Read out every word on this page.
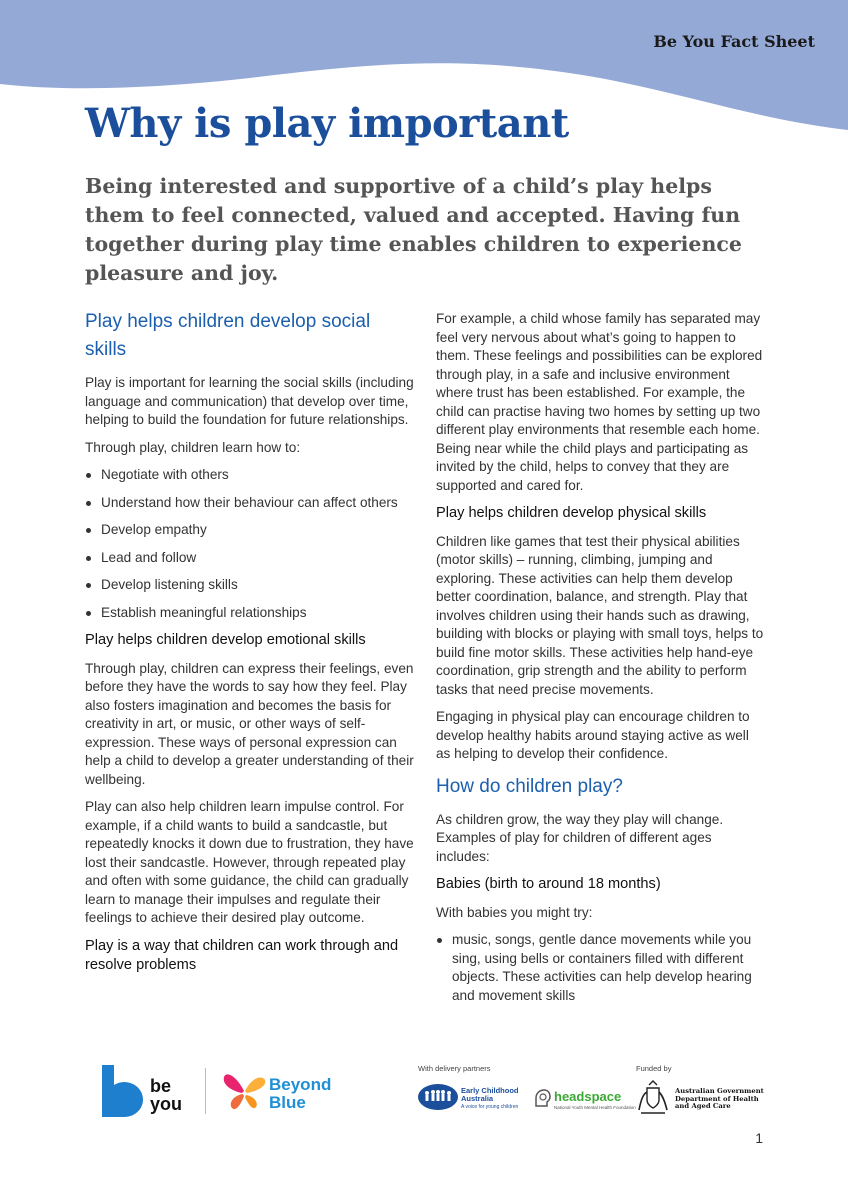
Be You Fact Sheet
Why is play important

Being interested and supportive of a child’s play helps them to feel connected, valued and accepted. Having fun together during play time enables children to experience pleasure and joy.

Play helps children develop social skills

Play is important for learning the social skills (including language and communication) that develop over time, helping to build the foundation for future relationships.

Through play, children learn how to:

Negotiate with others
Understand how their behaviour can affect others
Develop empathy
Lead and follow
Develop listening skills
Establish meaningful relationships
Play helps children develop emotional skills

Through play, children can express their feelings, even before they have the words to say how they feel. Play also fosters imagination and becomes the basis for creativity in art, or music, or other ways of self-expression. These ways of personal expression can help a child to develop a greater understanding of their wellbeing.

Play can also help children learn impulse control. For example, if a child wants to build a sandcastle, but repeatedly knocks it down due to frustration, they have lost their sandcastle. However, through repeated play and often with some guidance, the child can gradually learn to manage their impulses and regulate their feelings to achieve their desired play outcome.

Play is a way that children can work through and resolve problems

For example, a child whose family has separated may feel very nervous about what’s going to happen to them. These feelings and possibilities can be explored through play, in a safe and inclusive environment where trust has been established. For example, the child can practise having two homes by setting up two different play environments that resemble each home. Being near while the child plays and participating as invited by the child, helps to convey that they are supported and cared for.

Play helps children develop physical skills

Children like games that test their physical abilities (motor skills) – running, climbing, jumping and exploring. These activities can help them develop better coordination, balance, and strength. Play that involves children using their hands such as drawing, building with blocks or playing with small toys, helps to build fine motor skills. These activities help hand-eye coordination, grip strength and the ability to perform tasks that need precise movements.

Engaging in physical play can encourage children to develop healthy habits around staying active as well as helping to develop their confidence.

How do children play?

As children grow, the way they play will change. Examples of play for children of different ages includes:

Babies (birth to around 18 months)

With babies you might try:

music, songs, gentle dance movements while you sing, using bells or containers filled with different objects. These activities can help develop hearing and movement skills
be
you
Beyond
Blue
With delivery partners	Funded by
Early Childhood
Australia
A voice for young children
headspace
National Youth Mental Health Foundation
Australian Government
Department of Health
and Aged Care
1
